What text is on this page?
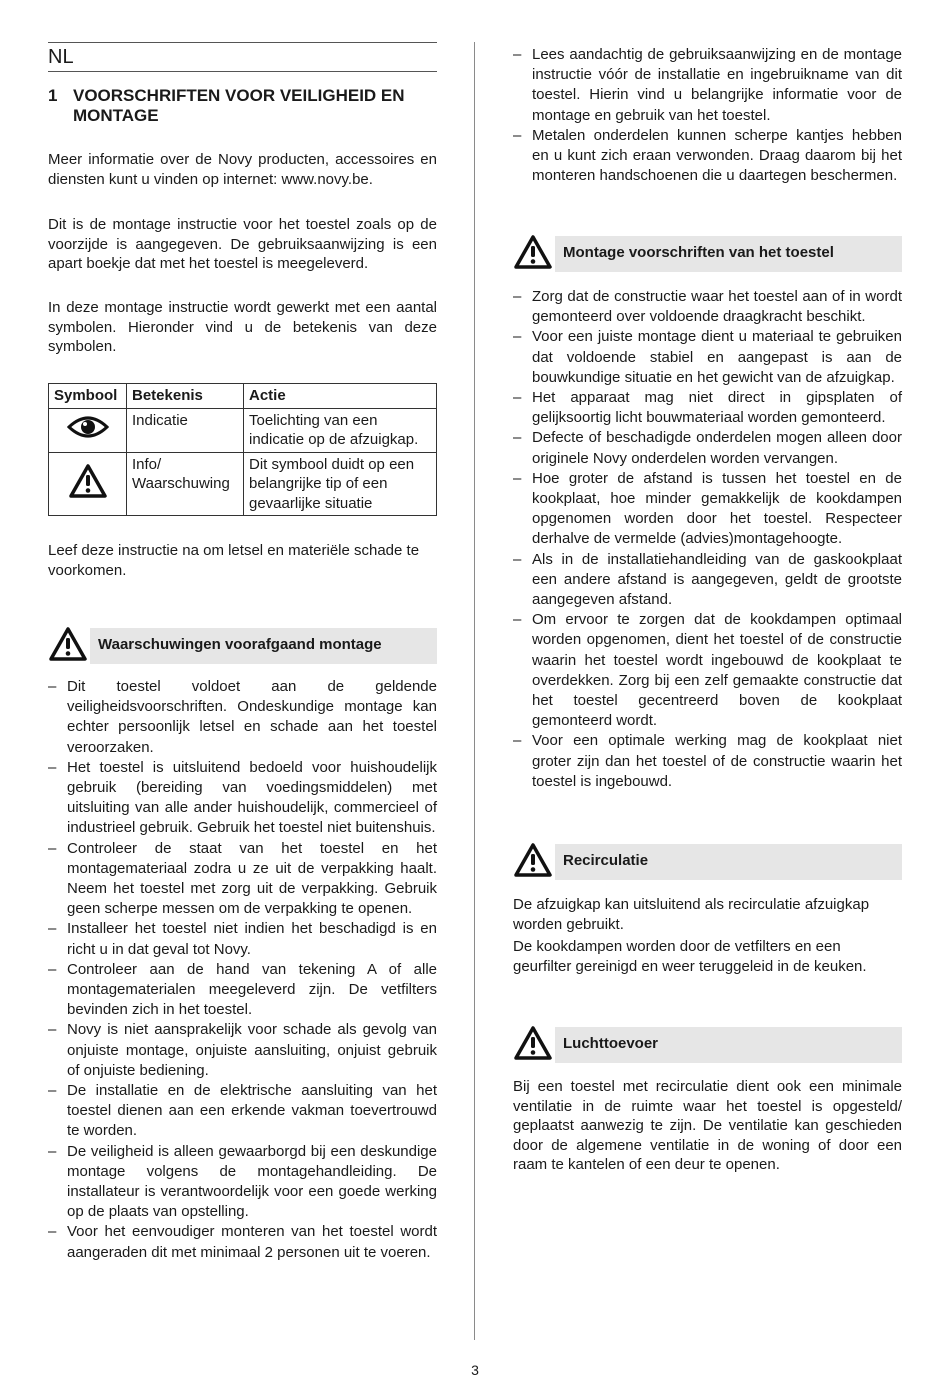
NL
1 VOORSCHRIFTEN VOOR VEILIGHEID EN MONTAGE

Meer informatie over de Novy producten, accessoires en diensten kunt u vinden op internet: www.novy.be.

Dit is de montage instructie voor het toestel zoals op de voorzijde is aangegeven. De gebruiksaanwijzing is een apart boekje dat met het toestel is meegeleverd.

In deze montage instructie wordt gewerkt met een aantal symbolen. Hieronder vind u de betekenis van deze symbolen.

Symbool	Betekenis	Actie
	Indicatie	Toelichting van een indicatie op de afzuigkap.
	Info/ Waarschuwing	Dit symbool duidt op een belangrijke tip of een gevaarlijke situatie

Leef deze instructie na om letsel en materiële schade te voorkomen.

Waarschuwingen voorafgaand montage
– Dit toestel voldoet aan de geldende veiligheidsvoorschriften. Ondeskundige montage kan echter persoonlijk letsel en schade aan het toestel veroorzaken.
– Het toestel is uitsluitend bedoeld voor huishoudelijk gebruik (bereiding van voedingsmiddelen) met uitsluiting van alle ander huishoudelijk, commercieel of industrieel gebruik. Gebruik het toestel niet buitenshuis.
– Controleer de staat van het toestel en het montagemateriaal zodra u ze uit de verpakking haalt. Neem het toestel met zorg uit de verpakking. Gebruik geen scherpe messen om de verpakking te openen.
– Installeer het toestel niet indien het beschadigd is en richt u in dat geval tot Novy.
– Controleer aan de hand van tekening A of alle montagematerialen meegeleverd zijn. De vetfilters bevinden zich in het toestel.
– Novy is niet aansprakelijk voor schade als gevolg van onjuiste montage, onjuiste aansluiting, onjuist gebruik of onjuiste bediening.
– De installatie en de elektrische aansluiting van het toestel dienen aan een erkende vakman toevertrouwd te worden.
– De veiligheid is alleen gewaarborgd bij een deskundige montage volgens de montagehandleiding. De installateur is verantwoordelijk voor een goede werking op de plaats van opstelling.
– Voor het eenvoudiger monteren van het toestel wordt aangeraden dit met minimaal 2 personen uit te voeren.
– Lees aandachtig de gebruiksaanwijzing en de montage instructie vóór de installatie en ingebruikname van dit toestel. Hierin vind u belangrijke informatie voor de montage en gebruik van het toestel.
– Metalen onderdelen kunnen scherpe kantjes hebben en u kunt zich eraan verwonden. Draag daarom bij het monteren handschoenen die u daartegen beschermen.
Montage voorschriften van het toestel
– Zorg dat de constructie waar het toestel aan of in wordt gemonteerd over voldoende draagkracht beschikt.
– Voor een juiste montage dient u materiaal te gebruiken dat voldoende stabiel en aangepast is aan de bouwkundige situatie en het gewicht van de afzuigkap.
– Het apparaat mag niet direct in gipsplaten of gelijksoortig licht bouwmateriaal worden gemonteerd.
– Defecte of beschadigde onderdelen mogen alleen door originele Novy onderdelen worden vervangen.
– Hoe groter de afstand is tussen het toestel en de kookplaat, hoe minder gemakkelijk de kookdampen opgenomen worden door het toestel. Respecteer derhalve de vermelde (advies)montagehoogte.
– Als in de installatiehandleiding van de gaskookplaat een andere afstand is aangegeven, geldt de grootste aangegeven afstand.
– Om ervoor te zorgen dat de kookdampen optimaal worden opgenomen, dient het toestel of de constructie waarin het toestel wordt ingebouwd de kookplaat te overdekken. Zorg bij een zelf gemaakte constructie dat het toestel gecentreerd boven de kookplaat gemonteerd wordt.
– Voor een optimale werking mag de kookplaat niet groter zijn dan het toestel of de constructie waarin het toestel is ingebouwd.
Recirculatie

De afzuigkap kan uitsluitend als recirculatie afzuigkap worden gebruikt.

De kookdampen worden door de vetfilters en een geurfilter gereinigd en weer teruggeleid in de keuken.

Luchttoevoer

Bij een toestel met recirculatie dient ook een minimale ventilatie in de ruimte waar het toestel is opgesteld/ geplaatst aanwezig te zijn. De ventilatie kan geschieden door de algemene ventilatie in de woning of door een raam te kantelen of een deur te openen.

3
